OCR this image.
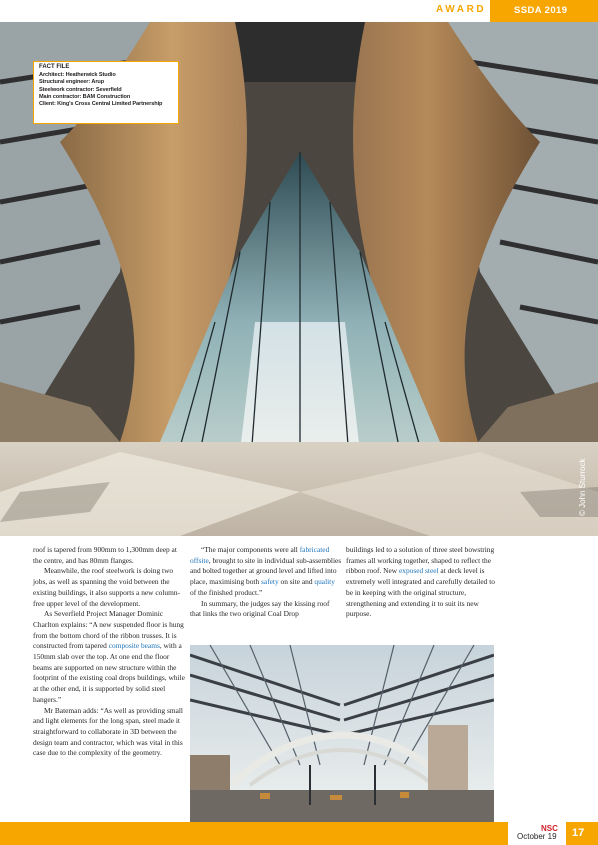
AWARD	SSDA 2019
© John Sturrock
FACT FILE
Architect: Heatherwick Studio
Structural engineer: Arup
Steelwork contractor: Severfield
Main contractor: BAM Construction
Client: King's Cross Central Limited Partnership

roof is tapered from 900mm to 1,300mm deep at the centre, and has 80mm flanges.

Meanwhile, the roof steelwork is doing two jobs, as well as spanning the void between the existing buildings, it also supports a new column-free upper level of the development.

As Severfield Project Manager Dominic Charlton explains: “A new suspended floor is hung from the bottom chord of the ribbon trusses. It is constructed from tapered composite beams, with a 150mm slab over the top. At one end the floor beams are supported on new structure within the footprint of the existing coal drops buildings, while at the other end, it is supported by solid steel hangers.”

Mr Bateman adds: “As well as providing small and light elements for the long span, steel made it straightforward to collaborate in 3D between the design team and contractor, which was vital in this case due to the complexity of the geometry.

“The major components were all fabricated offsite, brought to site in individual sub-assemblies and bolted together at ground level and lifted into place, maximising both safety on site and quality of the finished product.”

In summary, the judges say the kissing roof that links the two original Coal Drop

buildings led to a solution of three steel bowstring frames all working together, shaped to reflect the ribbon roof. New exposed steel at deck level is extremely well integrated and carefully detailed to be in keeping with the original structure, strengthening and extending it to suit its new purpose.

© John Sturrock
NSC
October 19 17
